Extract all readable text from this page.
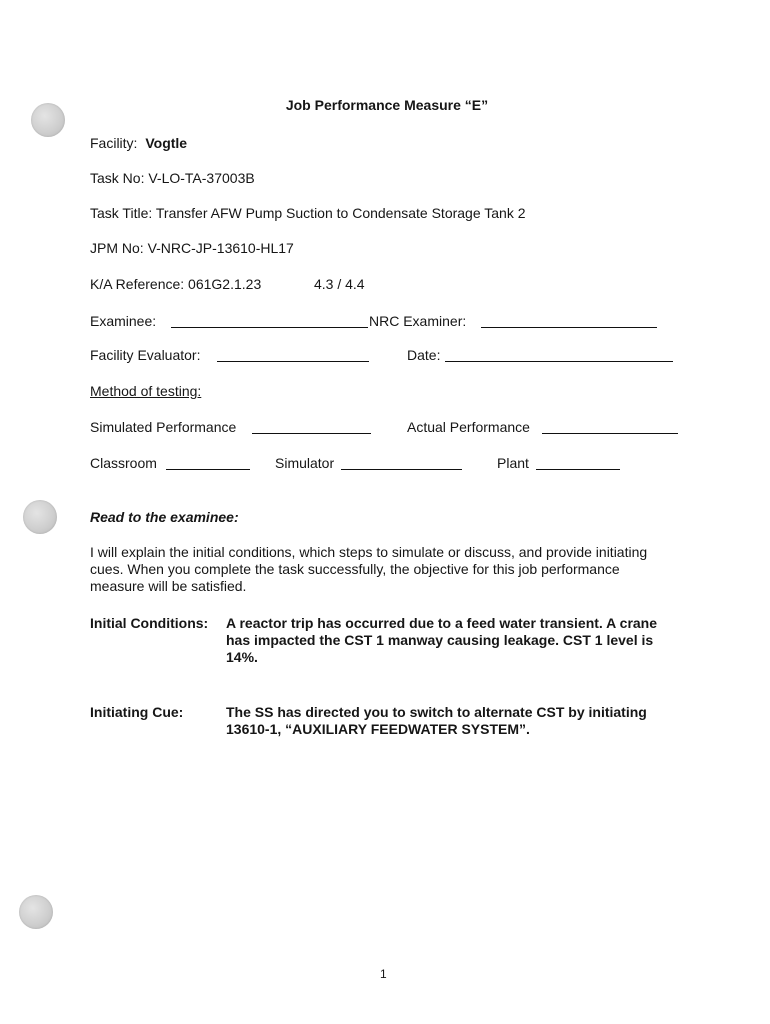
Job Performance Measure “E”
Facility: Vogtle
Task No: V-LO-TA-37003B
Task Title: Transfer AFW Pump Suction to Condensate Storage Tank 2
JPM No: V-NRC-JP-13610-HL17
K/A Reference: 061G2.1.23	4.3 / 4.4
Examinee:	NRC Examiner:
Facility Evaluator:	Date:
Method of testing:
Simulated Performance	Actual Performance
Classroom	Simulator	Plant
Read to the examinee:
I will explain the initial conditions, which steps to simulate or discuss, and provide initiating cues. When you complete the task successfully, the objective for this job performance measure will be satisfied.
Initial Conditions: A reactor trip has occurred due to a feed water transient. A crane has impacted the CST 1 manway causing leakage. CST 1 level is 14%.
Initiating Cue:	The SS has directed you to switch to alternate CST by initiating 13610-1, “AUXILIARY FEEDWATER SYSTEM”.
1
